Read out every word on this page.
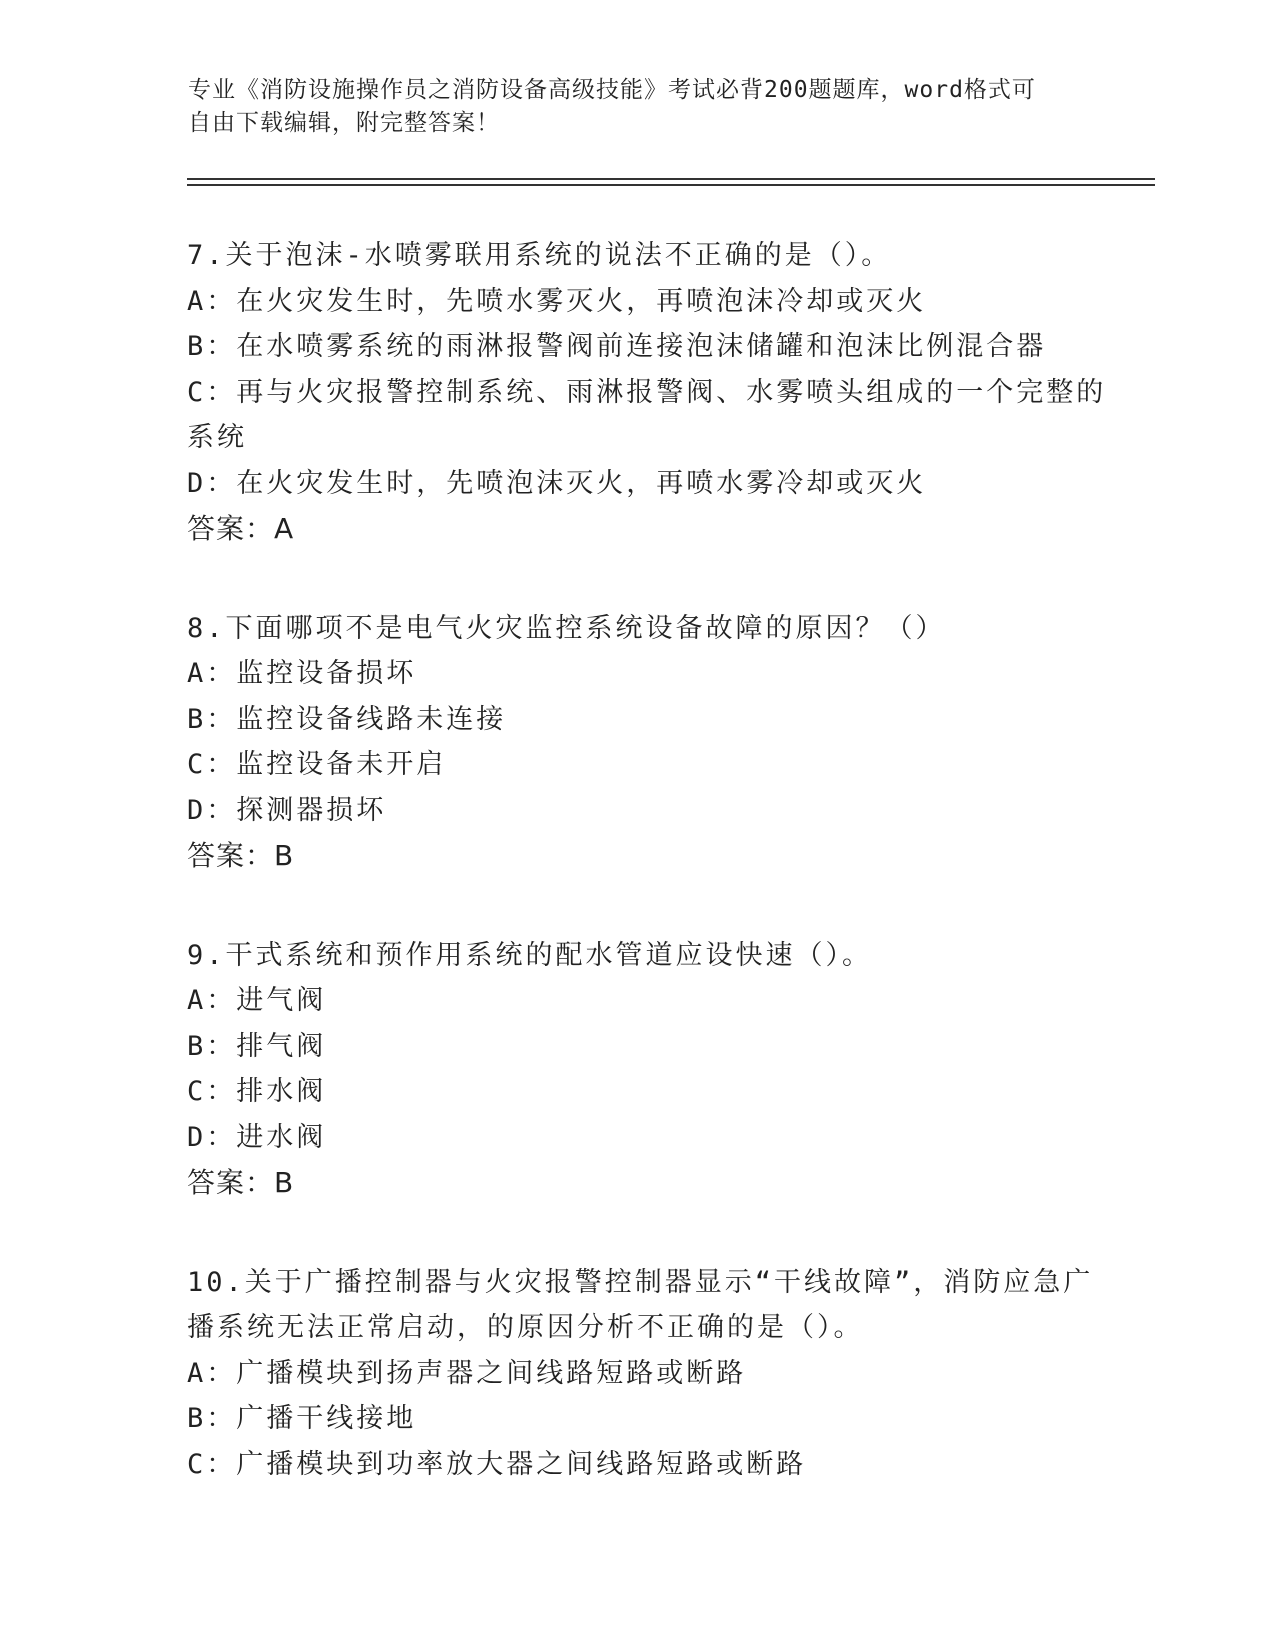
专业《消防设施操作员之消防设备高级技能》考试必背200题题库，word格式可
自由下载编辑，附完整答案！
7.关于泡沫-水喷雾联用系统的说法不正确的是（）。
A：在火灾发生时，先喷水雾灭火，再喷泡沫冷却或灭火
B：在水喷雾系统的雨淋报警阀前连接泡沫储罐和泡沫比例混合器
C：再与火灾报警控制系统、雨淋报警阀、水雾喷头组成的一个完整的
系统
D：在火灾发生时，先喷泡沫灭火，再喷水雾冷却或灭火
答案：A
8.下面哪项不是电气火灾监控系统设备故障的原因？（）
A：监控设备损坏
B：监控设备线路未连接
C：监控设备未开启
D：探测器损坏
答案：B
9.干式系统和预作用系统的配水管道应设快速（）。
A：进气阀
B：排气阀
C：排水阀
D：进水阀
答案：B
10.关于广播控制器与火灾报警控制器显示“干线故障”，消防应急广
播系统无法正常启动，的原因分析不正确的是（）。
A：广播模块到扬声器之间线路短路或断路
B：广播干线接地
C：广播模块到功率放大器之间线路短路或断路
